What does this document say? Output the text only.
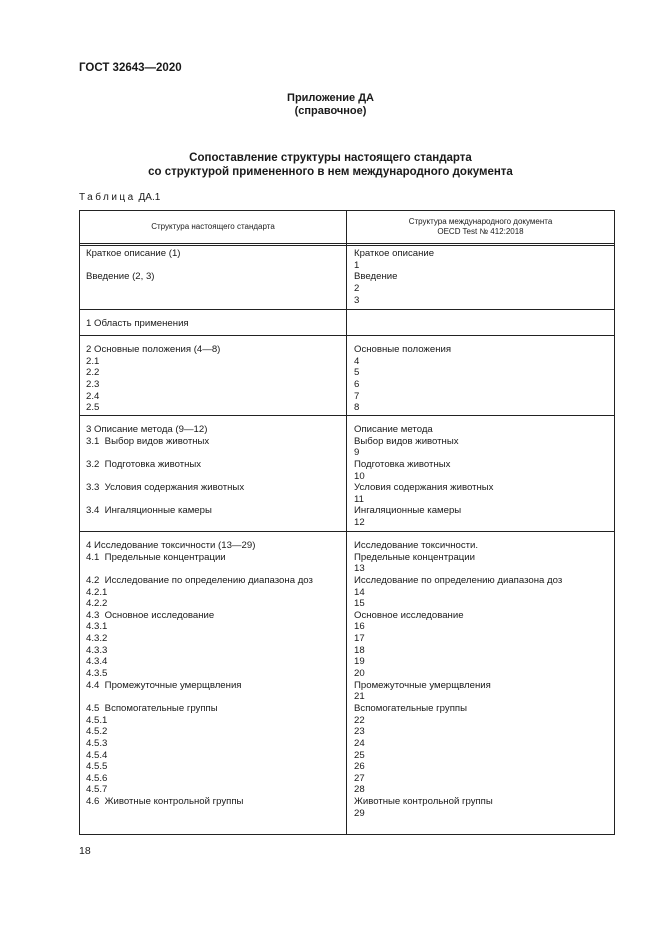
ГОСТ 32643—2020
Приложение ДА
(справочное)
Сопоставление структуры настоящего стандарта
со структурой примененного в нем международного документа
Таблица ДА.1
Структура настоящего стандарта
Структура международного документа
OECD Test № 412:2018
Краткое описание (1)
Введение (2, 3)
Краткое описание
1
Введение
2
3
1 Область применения
2 Основные положения (4—8)
2.1
2.2
2.3
2.4
2.5
Основные положения
4
5
6
7
8
3 Описание метода (9—12)
3.1  Выбор видов животных
3.2  Подготовка животных
3.3  Условия содержания животных
3.4  Ингаляционные камеры
Описание метода
Выбор видов животных
9
Подготовка животных
10
Условия содержания животных
11
Ингаляционные камеры
12
4 Исследование токсичности (13—29)
4.1  Предельные концентрации
4.2  Исследование по определению диапазона доз
4.2.1
4.2.2
4.3  Основное исследование
4.3.1
4.3.2
4.3.3
4.3.4
4.3.5
4.4  Промежуточные умерщвления
4.5  Вспомогательные группы
4.5.1
4.5.2
4.5.3
4.5.4
4.5.5
4.5.6
4.5.7
4.6  Животные контрольной группы
Исследование токсичности.
Предельные концентрации
13
Исследование по определению диапазона доз
14
15
Основное исследование
16
17
18
19
20
Промежуточные умерщвления
21
Вспомогательные группы
22
23
24
25
26
27
28
Животные контрольной группы
29
18
